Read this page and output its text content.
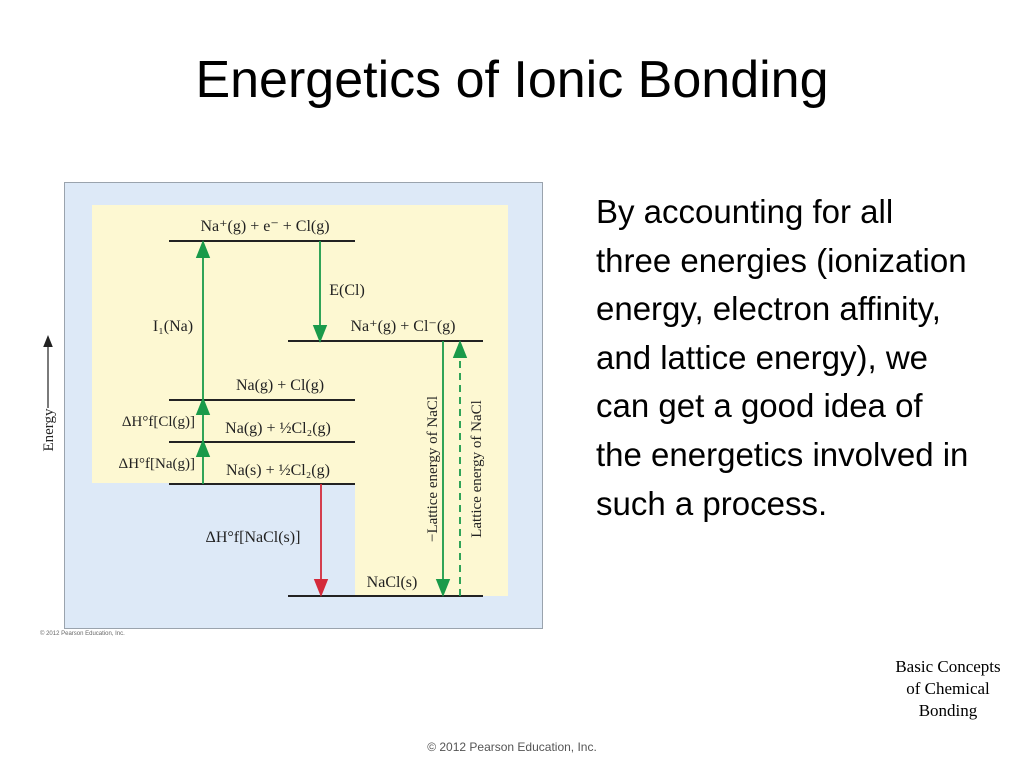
Energetics of Ionic Bonding
Energy
Na⁺(g) + e⁻ + Cl(g)
Na⁺(g) + Cl⁻(g)
Na(g) + Cl(g)
Na(g) + ½Cl₂(g)
Na(s) + ½Cl₂(g)
NaCl(s)
I₁(Na)
E(Cl)
ΔH°f[Cl(g)]
ΔH°f[Na(g)]
ΔH°f[NaCl(s)]	−Lattice energy of NaCl Lattice energy of NaCl
© 2012 Pearson Education, Inc.
By accounting for all three energies (ionization energy, electron affinity, and lattice energy), we can get a good idea of the energetics involved in such a process.
Basic Concepts
of Chemical
Bonding
© 2012 Pearson Education, Inc.
